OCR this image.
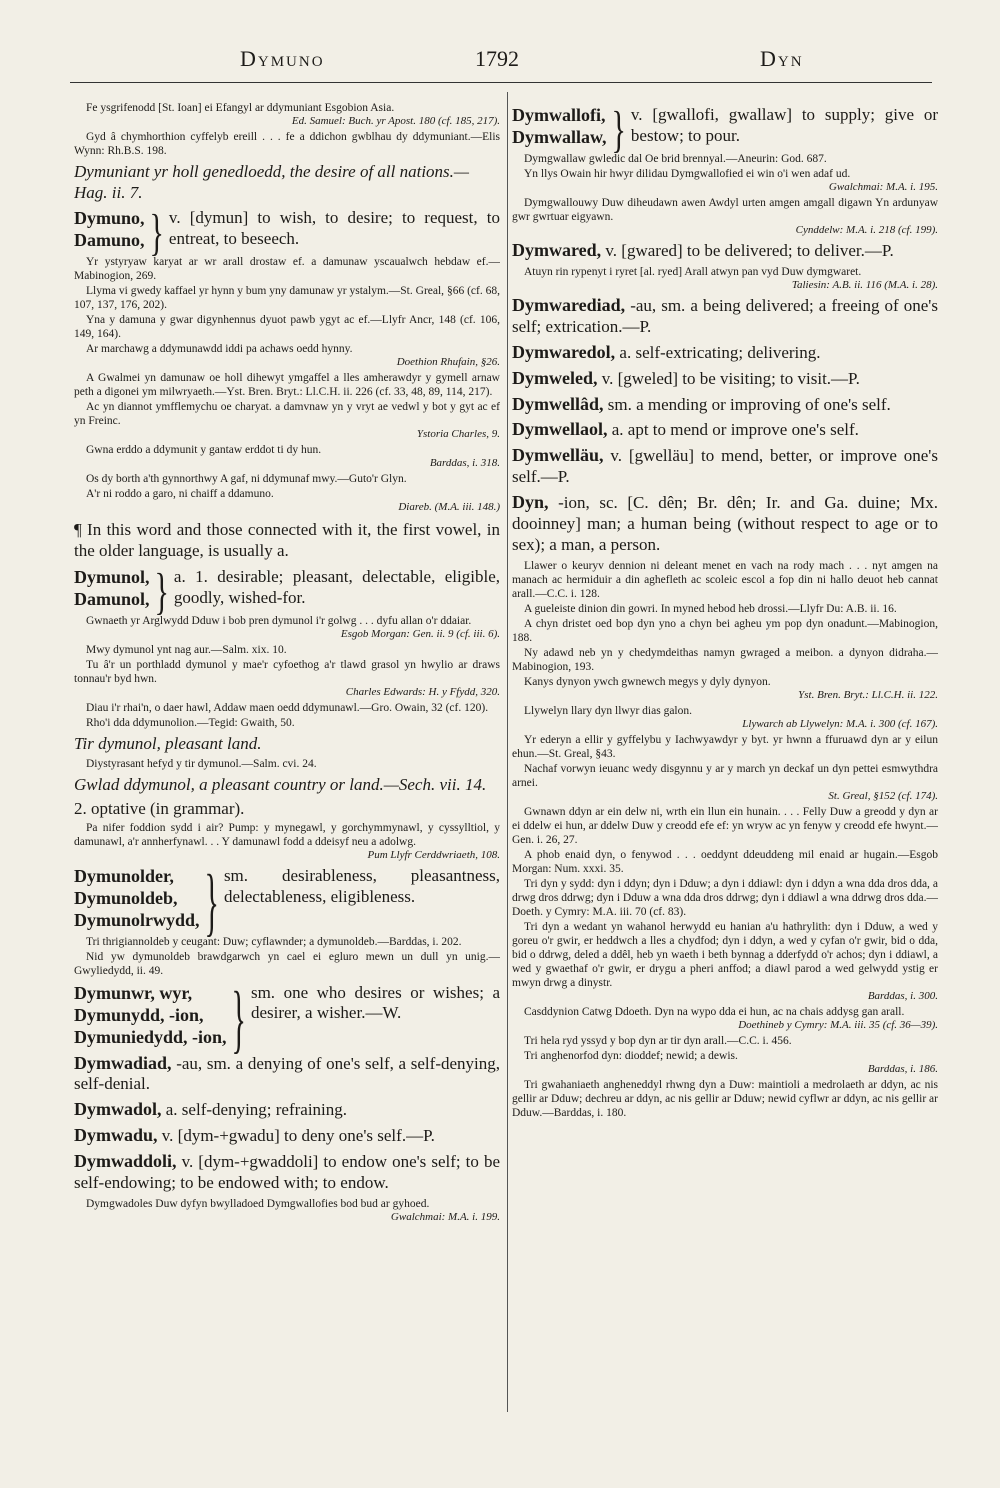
Dymuno	1792	Dyn

Fe ysgrifenodd [St. Ioan] ei Efangyl ar ddymuniant Esgobion Asia.

Ed. Samuel: Buch. yr Apost. 180 (cf. 185, 217).

Gyd â chymhorthion cyffelyb ereill . . . fe a ddichon gwblhau dy ddymuniant.—Elis Wynn: Rh.B.S. 198.

Dymuniant yr holl genedloedd, the desire of all nations.—Hag. ii. 7.

Dymuno,
Damuno, } v. [dymun] to wish, to desire; to request, to entreat, to beseech.

Yr ystyryaw karyat ar wr arall drostaw ef. a damunaw yscaualwch hebdaw ef.—Mabinogion, 269.

Llyma vi gwedy kaffael yr hynn y bum yny damunaw yr ystalym.—St. Greal, §66 (cf. 68, 107, 137, 176, 202).

Yna y damuna y gwar digynhennus dyuot pawb ygyt ac ef.—Llyfr Ancr, 148 (cf. 106, 149, 164).

Ar marchawg a ddymunawdd iddi pa achaws oedd hynny.

Doethion Rhufain, §26.

A Gwalmei yn damunaw oe holl dihewyt ymgaffel a lles amherawdyr y gymell arnaw peth a digonei ym milwryaeth.—Yst. Bren. Bryt.: Ll.C.H. ii. 226 (cf. 33, 48, 89, 114, 217).

Ac yn diannot ymfflemychu oe charyat. a damvnaw yn y vryt ae vedwl y bot y gyt ac ef yn Freinc.

Ystoria Charles, 9.

Gwna erddo a ddymunit y gantaw erddot ti dy hun.

Barddas, i. 318.

Os dy borth a'th gynnorthwy A gaf, ni ddymunaf mwy.—Guto'r Glyn.

A'r ni roddo a garo, ni chaiff a ddamuno.

Diareb. (M.A. iii. 148.)

¶ In this word and those connected with it, the first vowel, in the older language, is usually a.

Dymunol,
Damunol, } a. 1. desirable; pleasant, delectable, eligible, goodly, wished-for.

Gwnaeth yr Arglwydd Dduw i bob pren dymunol i'r golwg . . . dyfu allan o'r ddaiar.

Esgob Morgan: Gen. ii. 9 (cf. iii. 6).

Mwy dymunol ynt nag aur.—Salm. xix. 10.

Tu â'r un porthladd dymunol y mae'r cyfoethog a'r tlawd grasol yn hwylio ar draws tonnau'r byd hwn.

Charles Edwards: H. y Ffydd, 320.

Diau i'r rhai'n, o daer hawl, Addaw maen oedd ddymunawl.—Gro. Owain, 32 (cf. 120).

Rho'i dda ddymunolion.—Tegid: Gwaith, 50.

Tir dymunol, pleasant land.

Diystyrasant hefyd y tir dymunol.—Salm. cvi. 24.

Gwlad ddymunol, a pleasant country or land.—Sech. vii. 14.

2. optative (in grammar).

Pa nifer foddion sydd i air? Pump: y mynegawl, y gorchymmynawl, y cyssylltiol, y damunawl, a'r annherfynawl. . . Y damunawl fodd a ddeisyf neu a adolwg.

Pum Llyfr Cerddwriaeth, 108.

Dymunolder,
Dymunoldeb,
Dymunolrwydd, } sm. desirableness, pleasantness, delectableness, eligibleness.

Tri thrigiannoldeb y ceugant: Duw; cyflawnder; a dymunoldeb.—Barddas, i. 202.

Nid yw dymunoldeb brawdgarwch yn cael ei egluro mewn un dull yn unig.—Gwyliedydd, ii. 49.

Dymunwr, wyr,
Dymunydd, -ion,
Dymuniedydd, -ion, } sm. one who desires or wishes; a desirer, a wisher.—W.

Dymwadiad, -au, sm. a denying of one's self, a self-denying, self-denial.

Dymwadol, a. self-denying; refraining.

Dymwadu, v. [dym-+gwadu] to deny one's self.—P.

Dymwaddoli, v. [dym-+gwaddoli] to endow one's self; to be self-endowing; to be endowed with; to endow.

Dymgwadoles Duw dyfyn bwylladoed Dymgwallofies bod bud ar gyhoed.

Gwalchmai: M.A. i. 199.

Dymwallofi,
Dymwallaw, } v. [gwallofi, gwallaw] to supply; give or bestow; to pour.

Dymgwallaw gwledic dal Oe brid brennyal.—Aneurin: God. 687.

Yn llys Owain hir hwyr dilidau Dymgwallofied ei win o'i wen adaf ud.

Gwalchmai: M.A. i. 195.

Dymgwallouwy Duw diheudawn awen Awdyl urten amgen amgall digawn Yn ardunyaw gwr gwrtuar eigyawn.

Cynddelw: M.A. i. 218 (cf. 199).

Dymwared, v. [gwared] to be delivered; to deliver.—P.

Atuyn rin rypenyt i ryret [al. ryed] Arall atwyn pan vyd Duw dymgwaret.

Taliesin: A.B. ii. 116 (M.A. i. 28).

Dymwarediad, -au, sm. a being delivered; a freeing of one's self; extrication.—P.

Dymwaredol, a. self-extricating; delivering.

Dymweled, v. [gweled] to be visiting; to visit.—P.

Dymwellâd, sm. a mending or improving of one's self.

Dymwellaol, a. apt to mend or improve one's self.

Dymwelläu, v. [gwelläu] to mend, better, or improve one's self.—P.

Dyn, -ion, sc. [C. dên; Br. dên; Ir. and Ga. duine; Mx. dooinney] man; a human being (without respect to age or to sex); a man, a person.

Llawer o keuryv dennion ni deleant menet en vach na rody mach . . . nyt amgen na manach ac hermiduir a din aghefleth ac scoleic escol a fop din ni hallo deuot heb cannat arall.—C.C. i. 128.

A gueleiste dinion din gowri. In myned hebod heb drossi.—Llyfr Du: A.B. ii. 16.

A chyn dristet oed bop dyn yno a chyn bei agheu ym pop dyn onadunt.—Mabinogion, 188.

Ny adawd neb yn y chedymdeithas namyn gwraged a meibon. a dynyon didraha.—Mabinogion, 193.

Kanys dynyon ywch gwnewch megys y dyly dynyon.

Yst. Bren. Bryt.: Ll.C.H. ii. 122.

Llywelyn llary dyn llwyr dias galon.

Llywarch ab Llywelyn: M.A. i. 300 (cf. 167).

Yr ederyn a ellir y gyffelybu y Iachwyawdyr y byt. yr hwnn a ffuruawd dyn ar y eilun ehun.—St. Greal, §43.

Nachaf vorwyn ieuanc wedy disgynnu y ar y march yn deckaf un dyn pettei esmwythdra arnei.

St. Greal, §152 (cf. 174).

Gwnawn ddyn ar ein delw ni, wrth ein llun ein hunain. . . . Felly Duw a greodd y dyn ar ei ddelw ei hun, ar ddelw Duw y creodd efe ef: yn wryw ac yn fenyw y creodd efe hwynt.—Gen. i. 26, 27.

A phob enaid dyn, o fenywod . . . oeddynt ddeuddeng mil enaid ar hugain.—Esgob Morgan: Num. xxxi. 35.

Tri dyn y sydd: dyn i ddyn; dyn i Dduw; a dyn i ddiawl: dyn i ddyn a wna dda dros dda, a drwg dros ddrwg; dyn i Dduw a wna dda dros ddrwg; dyn i ddiawl a wna ddrwg dros dda.—Doeth. y Cymry: M.A. iii. 70 (cf. 83).

Tri dyn a wedant yn wahanol herwydd eu hanian a'u hathrylith: dyn i Dduw, a wed y goreu o'r gwir, er heddwch a lles a chydfod; dyn i ddyn, a wed y cyfan o'r gwir, bid o dda, bid o ddrwg, deled a ddêl, heb yn waeth i beth bynnag a dderfydd o'r achos; dyn i ddiawl, a wed y gwaethaf o'r gwir, er drygu a pheri anffod; a diawl parod a wed gelwydd ystig er mwyn drwg a dinystr.

Barddas, i. 300.

Casddynion Catwg Ddoeth. Dyn na wypo dda ei hun, ac na chais addysg gan arall.

Doethineb y Cymry: M.A. iii. 35 (cf. 36—39).

Tri hela ryd yssyd y bop dyn ar tir dyn arall.—C.C. i. 456.

Tri anghenorfod dyn: dioddef; newid; a dewis.

Barddas, i. 186.

Tri gwahaniaeth angheneddyl rhwng dyn a Duw: maintioli a medrolaeth ar ddyn, ac nis gellir ar Dduw; dechreu ar ddyn, ac nis gellir ar Dduw; newid cyflwr ar ddyn, ac nis gellir ar Dduw.—Barddas, i. 180.
